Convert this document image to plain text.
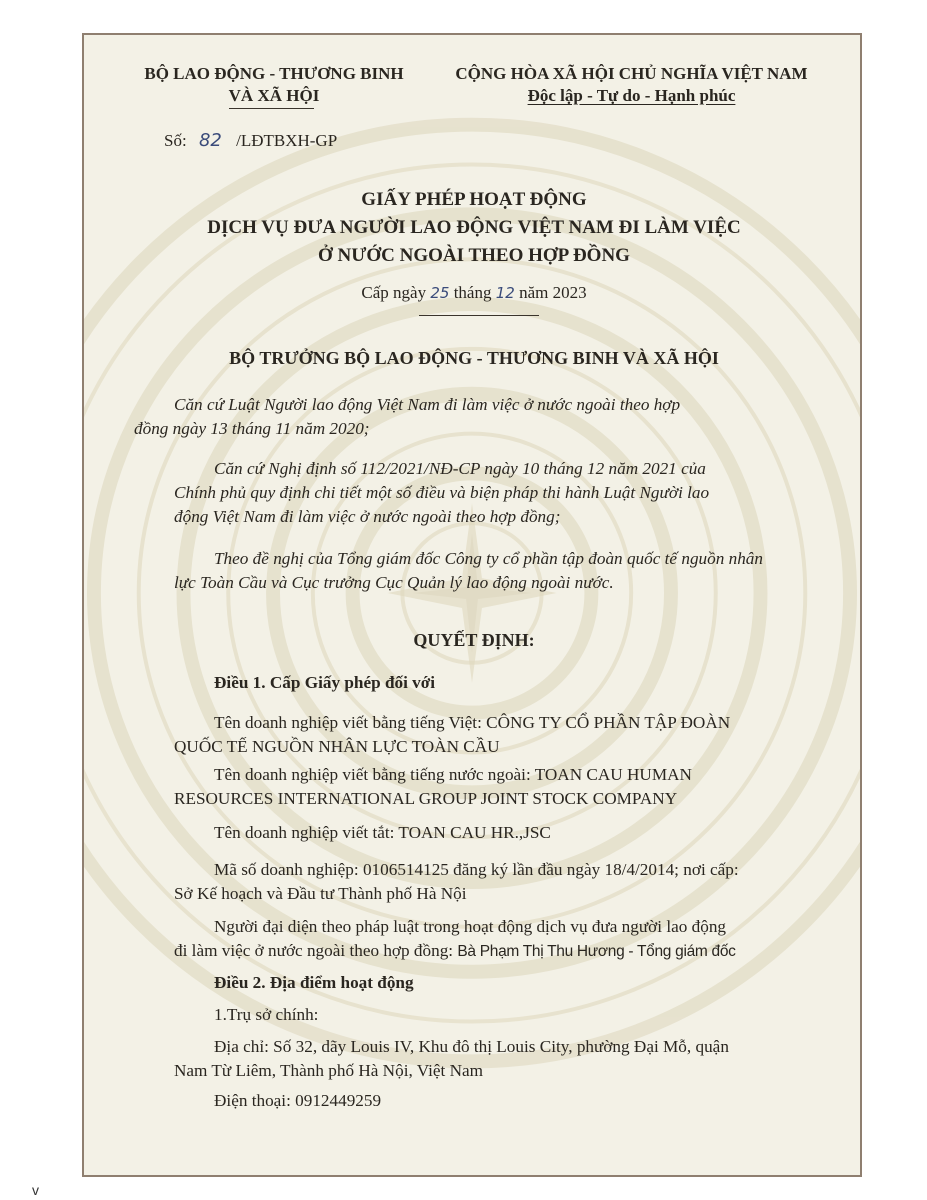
BỘ LAO ĐỘNG - THƯƠNG BINH
VÀ XÃ HỘI
Số: 82 /LĐTBXH-GP
CỘNG HÒA XÃ HỘI CHỦ NGHĨA VIỆT NAM
Độc lập - Tự do - Hạnh phúc
GIẤY PHÉP HOẠT ĐỘNG
DỊCH VỤ ĐƯA NGƯỜI LAO ĐỘNG VIỆT NAM ĐI LÀM VIỆC
Ở NƯỚC NGOÀI THEO HỢP ĐỒNG
Cấp ngày 25 tháng 12 năm 2023
BỘ TRƯỞNG BỘ LAO ĐỘNG - THƯƠNG BINH VÀ XÃ HỘI
Căn cứ Luật Người lao động Việt Nam đi làm việc ở nước ngoài theo hợp
đồng ngày 13 tháng 11 năm 2020;
Căn cứ Nghị định số 112/2021/NĐ-CP ngày 10 tháng 12 năm 2021 của
Chính phủ quy định chi tiết một số điều và biện pháp thi hành Luật Người lao
động Việt Nam đi làm việc ở nước ngoài theo hợp đồng;
Theo đề nghị của Tổng giám đốc Công ty cổ phần tập đoàn quốc tế nguồn nhân
lực Toàn Cầu và Cục trưởng Cục Quản lý lao động ngoài nước.
QUYẾT ĐỊNH:
Điều 1. Cấp Giấy phép đối với
Tên doanh nghiệp viết bằng tiếng Việt: CÔNG TY CỔ PHẦN TẬP ĐOÀN
QUỐC TẾ NGUỒN NHÂN LỰC TOÀN CẦU
Tên doanh nghiệp viết bằng tiếng nước ngoài: TOAN CAU HUMAN
RESOURCES INTERNATIONAL GROUP JOINT STOCK COMPANY
Tên doanh nghiệp viết tắt: TOAN CAU HR.,JSC
Mã số doanh nghiệp: 0106514125 đăng ký lần đầu ngày 18/4/2014; nơi cấp:
Sở Kế hoạch và Đầu tư Thành phố Hà Nội
Người đại diện theo pháp luật trong hoạt động dịch vụ đưa người lao động
đi làm việc ở nước ngoài theo hợp đồng: Bà Phạm Thị Thu Hương - Tổng giám đốc
Điều 2. Địa điểm hoạt động
1.Trụ sở chính:
Địa chỉ: Số 32, dãy Louis IV, Khu đô thị Louis City, phường Đại Mỗ, quận
Nam Từ Liêm, Thành phố Hà Nội, Việt Nam
Điện thoại: 0912449259
v
